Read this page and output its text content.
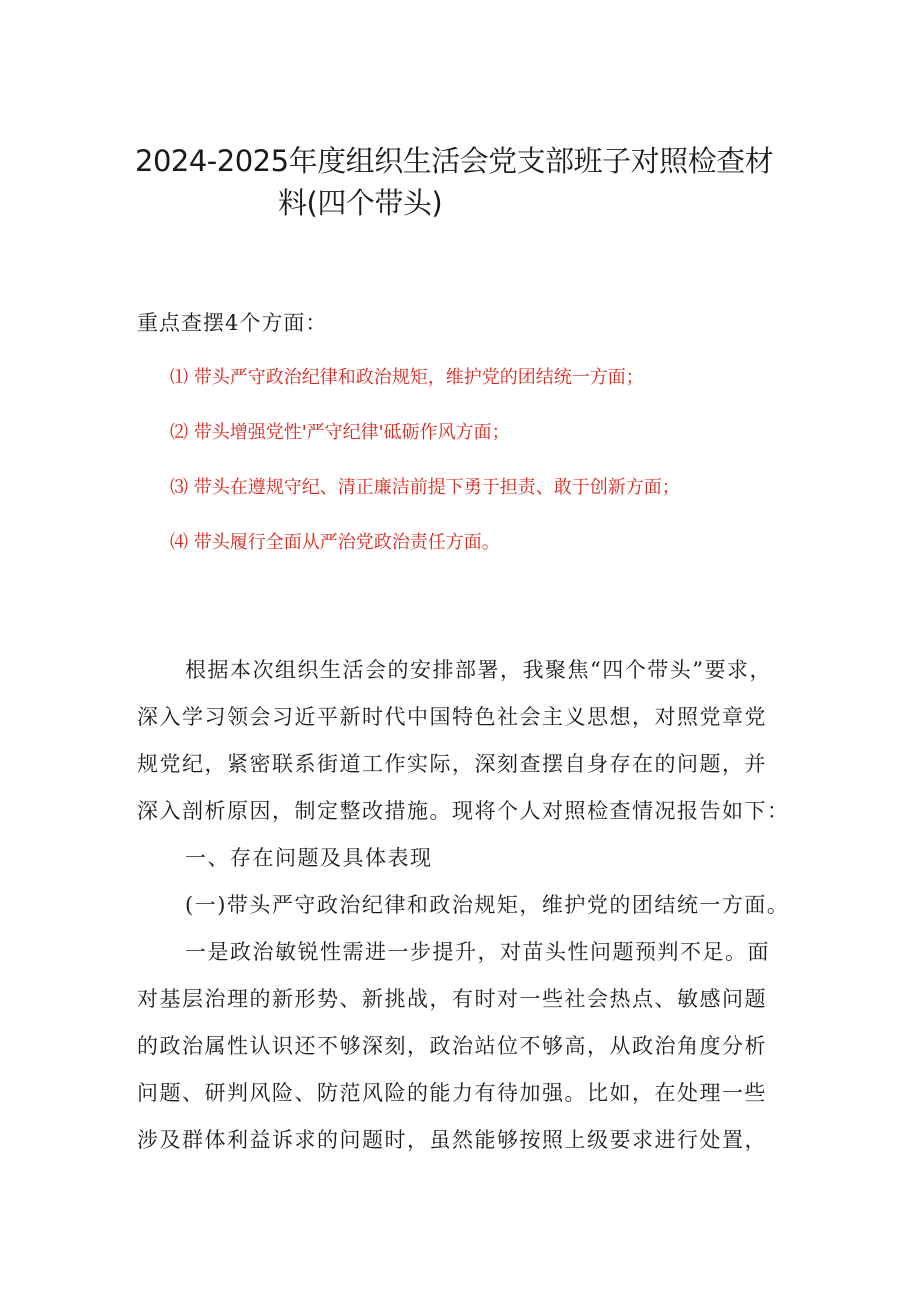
2024-2025年度组织生活会党支部班子对照检查材
料(四个带头)
重点查摆4个方面：
⑴ 带头严守政治纪律和政治规矩，维护党的团结统一方面；
⑵ 带头增强党性'严守纪律'砥砺作风方面；
⑶ 带头在遵规守纪、清正廉洁前提下勇于担责、敢于创新方面；
⑷ 带头履行全面从严治党政治责任方面。

根据本次组织生活会的安排部署，我聚焦“四个带头”要求，
深入学习领会习近平新时代中国特色社会主义思想，对照党章党
规党纪，紧密联系街道工作实际，深刻查摆自身存在的问题，并
深入剖析原因，制定整改措施。现将个人对照检查情况报告如下：

一、存在问题及具体表现

(一)带头严守政治纪律和政治规矩，维护党的团结统一方面。

一是政治敏锐性需进一步提升，对苗头性问题预判不足。面
对基层治理的新形势、新挑战，有时对一些社会热点、敏感问题
的政治属性认识还不够深刻，政治站位不够高，从政治角度分析
问题、研判风险、防范风险的能力有待加强。比如，在处理一些
涉及群体利益诉求的问题时，虽然能够按照上级要求进行处置，
